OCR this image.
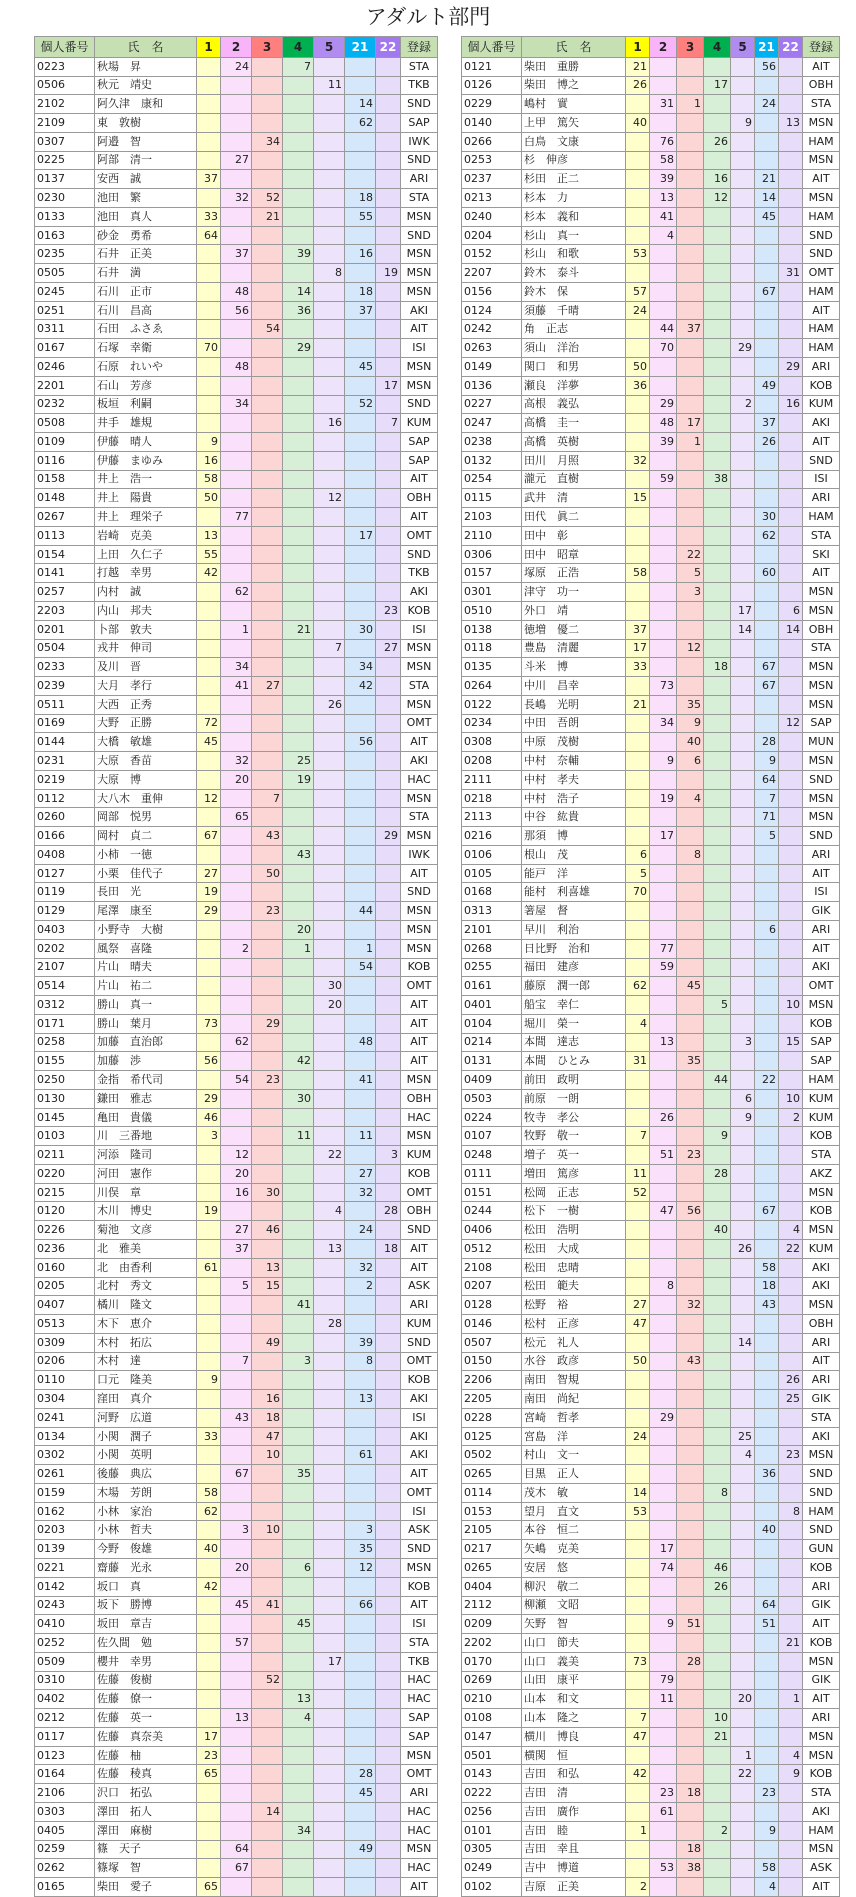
アダルト部門
個人番号	氏　名	1	2	3	4	5	21	22	登録
0223	秋場　昇		24		7				STA
0506	秋元　靖史					11			TKB
2102	阿久津　康和						14		SND
2109	東　敦樹						62		SAP
0307	阿邉　智			34					IWK
0225	阿部　清一		27						SND
0137	安西　誠	37							ARI
0230	池田　繁		32	52			18		STA
0133	池田　真人	33		21			55		MSN
0163	砂金　勇希	64							SND
0235	石井　正美		37		39		16		MSN
0505	石井　満					8		19	MSN
0245	石川　正市		48		14		18		MSN
0251	石川　昌高		56		36		37		AKI
0311	石田　ふさゑ			54					AIT
0167	石塚　幸衛	70			29				ISI
0246	石原　れいや		48				45		MSN
2201	石山　芳彦							17	MSN
0232	板垣　利嗣		34				52		SND
0508	井手　雄規					16		7	KUM
0109	伊藤　晴人	9							SAP
0116	伊藤　まゆみ	16							SAP
0158	井上　浩一	58							AIT
0148	井上　陽貴	50				12			OBH
0267	井上　理栄子		77						AIT
0113	岩崎　克美	13					17		OMT
0154	上田　久仁子	55							SND
0141	打越　幸男	42							TKB
0257	内村　誠		62						AKI
2203	内山　邦夫							23	KOB
0201	卜部　敦夫		1		21		30		ISI
0504	戎井　伸司					7		27	MSN
0233	及川　晋		34				34		MSN
0239	大月　孝行		41	27			42		STA
0511	大西　正秀					26			MSN
0169	大野　正勝	72							OMT
0144	大橋　敏雄	45					56		AIT
0231	大原　香苗		32		25				AKI
0219	大原　博		20		19				HAC
0112	大八木　重伸	12		7					MSN
0260	岡部　悦男		65						STA
0166	岡村　貞二	67		43				29	MSN
0408	小柿　一徳				43				IWK
0127	小栗　佳代子	27		50					AIT
0119	長田　光	19							SND
0129	尾澤　康至	29		23			44		MSN
0403	小野寺　大樹				20				MSN
0202	風祭　喜隆		2		1		1		MSN
2107	片山　晴夫						54		KOB
0514	片山　祐二					30			OMT
0312	勝山　真一					20			AIT
0171	勝山　葉月	73		29					AIT
0258	加藤　直治郎		62				48		AIT
0155	加藤　渉	56			42				AIT
0250	金指　希代司		54	23			41		MSN
0130	鎌田　雅志	29			30				OBH
0145	亀田　貴儀	46							HAC
0103	川　三番地	3			11		11		MSN
0211	河添　隆司		12			22		3	KUM
0220	河田　憲作		20				27		KOB
0215	川俣　章		16	30			32		OMT
0120	木川　博史	19				4		28	OBH
0226	菊池　文彦		27	46			24		SND
0236	北　雅美		37			13		18	AIT
0160	北　由香利	61		13			32		AIT
0205	北村　秀文		5	15			2		ASK
0407	橘川　隆文				41				ARI
0513	木下　恵介					28			KUM
0309	木村　拓広			49			39		SND
0206	木村　達		7		3		8		OMT
0110	口元　隆美	9							KOB
0304	窪田　真介			16			13		AKI
0241	河野　広道		43	18					ISI
0134	小関　潤子	33		47					AKI
0302	小関　英明			10			61		AKI
0261	後藤　典広		67		35				AIT
0159	木場　芳朗	58							OMT
0162	小林　家治	62							ISI
0203	小林　哲夫		3	10			3		ASK
0139	今野　俊雄	40					35		SND
0221	齋藤　光永		20		6		12		MSN
0142	坂口　真	42							KOB
0243	坂下　勝博		45	41			66		AIT
0410	坂田　章吉				45				ISI
0252	佐久間　勉		57						STA
0509	櫻井　幸男					17			TKB
0310	佐藤　俊樹			52					HAC
0402	佐藤　僚一				13				HAC
0212	佐藤　英一		13		4				SAP
0117	佐藤　真奈美	17							SAP
0123	佐藤　柚	23							MSN
0164	佐藤　稜真	65					28		OMT
2106	沢口　拓弘						45		ARI
0303	澤田　拓人			14					HAC
0405	澤田　麻樹				34				HAC
0259	篠　天子		64				49		MSN
0262	篠塚　智		67						HAC
0165	柴田　愛子	65							AIT
個人番号	氏　名	1	2	3	4	5	21	22	登録
0121	柴田　重勝	21					56		AIT
0126	柴田　博之	26			17				OBH
0229	嶋村　實		31	1			24		STA
0140	上甲　篤矢	40				9		13	MSN
0266	白鳥　文康		76		26				HAM
0253	杉　伸彦		58						MSN
0237	杉田　正二		39		16		21		AIT
0213	杉本　力		13		12		14		MSN
0240	杉本　義和		41				45		HAM
0204	杉山　真一		4						SND
0152	杉山　和歌	53							SND
2207	鈴木　泰斗							31	OMT
0156	鈴木　保	57					67		HAM
0124	須藤　千晴	24							AIT
0242	角　正志		44	37					HAM
0263	須山　洋治		70			29			HAM
0149	関口　和男	50						29	ARI
0136	瀬良　洋夢	36					49		KOB
0227	高根　義弘		29			2		16	KUM
0247	高橋　圭一		48	17			37		AKI
0238	高橋　英樹		39	1			26		AIT
0132	田川　月照	32							SND
0254	瀧元　直樹		59		38				ISI
0115	武井　清	15							ARI
2103	田代　眞二						30		HAM
2110	田中　彰						62		STA
0306	田中　昭章			22					SKI
0157	塚原　正浩	58		5			60		AIT
0301	津守　功一			3					MSN
0510	外口　靖					17		6	MSN
0138	徳増　優二	37				14		14	OBH
0118	豊島　清麗	17		12					STA
0135	斗米　博	33			18		67		MSN
0264	中川　昌幸		73				67		MSN
0122	長嶋　光明	21		35					MSN
0234	中田　吾朗		34	9				12	SAP
0308	中原　茂樹			40			28		MUN
0208	中村　奈輔		9	6			9		MSN
2111	中村　孝夫						64		SND
0218	中村　浩子		19	4			7		MSN
2113	中谷　紘貴						71		MSN
0216	那須　博		17				5		SND
0106	根山　茂	6		8					ARI
0105	能戸　洋	5							AIT
0168	能村　利喜雄	70							ISI
0313	箸屋　督								GIK
2101	早川　利治						6		ARI
0268	日比野　治和		77						AIT
0255	福田　建彦		59						AKI
0161	藤原　潤一郎	62		45					OMT
0401	船宝　幸仁				5			10	MSN
0104	堀川　榮一	4							KOB
0214	本間　達志		13			3		15	SAP
0131	本間　ひとみ	31		35					SAP
0409	前田　政明				44		22		HAM
0503	前原　一朗					6		10	KUM
0224	牧寺　孝公		26			9		2	KUM
0107	牧野　敬一	7			9				KOB
0248	増子　英一		51	23					STA
0111	増田　篤彦	11			28				AKZ
0151	松岡　正志	52							MSN
0244	松下　一樹		47	56			67		KOB
0406	松田　浩明				40			4	MSN
0512	松田　大成					26		22	KUM
2108	松田　忠晴						58		AKI
0207	松田　範夫		8				18		AKI
0128	松野　裕	27		32			43		MSN
0146	松村　正彦	47							OBH
0507	松元　礼人					14			ARI
0150	水谷　政彦	50		43					AIT
2206	南田　智規							26	ARI
2205	南田　尚紀							25	GIK
0228	宮崎　哲孝		29						STA
0125	宮島　洋	24				25			AKI
0502	村山　文一					4		23	MSN
0265	目黒　正人						36		SND
0114	茂木　敏	14			8				SND
0153	望月　直文	53						8	HAM
2105	本谷　恒二						40		SND
0217	矢嶋　克美		17						GUN
0265	安居　悠		74		46				KOB
0404	柳沢　敬二				26				ARI
2112	柳瀬　文昭						64		GIK
0209	矢野　智		9	51			51		AIT
2202	山口　節夫							21	KOB
0170	山口　義美	73		28					MSN
0269	山田　康平		79						GIK
0210	山本　和文		11			20		1	AIT
0108	山本　隆之	7			10				ARI
0147	横川　博良	47			21				MSN
0501	横関　恒					1		4	MSN
0143	吉田　和弘	42				22		9	KOB
0222	吉田　清		23	18			23		STA
0256	吉田　廣作		61						AKI
0101	吉田　睦	1			2		9		HAM
0305	吉田　幸且			18					MSN
0249	吉中　博道		53	38			58		ASK
0102	吉原　正美	2					4		AIT
